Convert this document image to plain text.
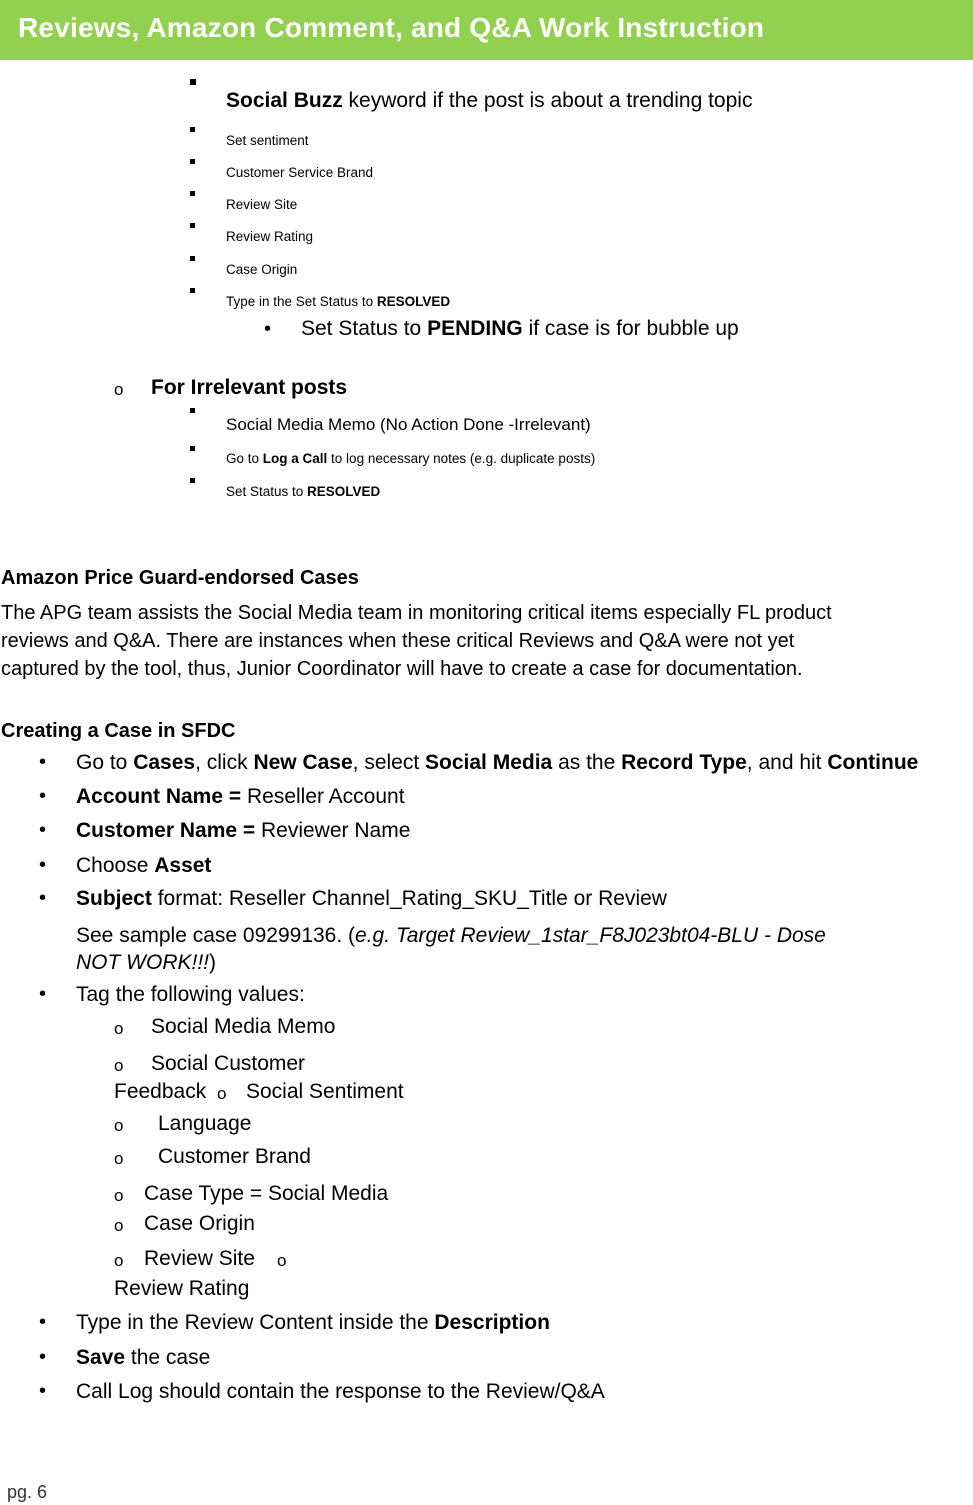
Reviews, Amazon Comment, and Q&A Work Instruction
Social Buzz keyword if the post is about a trending topic
Set sentiment
Customer Service Brand
Review Site
Review Rating
Case Origin
Type in the Set Status to RESOLVED
• Set Status to PENDING if case is for bubble up
o For Irrelevant posts
Social Media Memo (No Action Done -Irrelevant)
Go to Log a Call to log necessary notes (e.g. duplicate posts)
Set Status to RESOLVED
Amazon Price Guard-endorsed Cases
The APG team assists the Social Media team in monitoring critical items especially FL product
reviews and Q&A. There are instances when these critical Reviews and Q&A were not yet
captured by the tool, thus, Junior Coordinator will have to create a case for documentation.
Creating a Case in SFDC
• Go to Cases, click New Case, select Social Media as the Record Type, and hit Continue
• Account Name = Reseller Account
• Customer Name = Reviewer Name
• Choose Asset
• Subject format: Reseller Channel_Rating_SKU_Title or Review
See sample case 09299136. (e.g. Target Review_1star_F8J023bt04-BLU - Dose
NOT WORK!!!)
• Tag the following values:
o Social Media Memo
o Social Customer
Feedback o Social Sentiment
o Language
o Customer Brand
o Case Type = Social Media
o Case Origin
o Review Site o
Review Rating
• Type in the Review Content inside the Description
• Save the case
• Call Log should contain the response to the Review/Q&A
pg. 6
